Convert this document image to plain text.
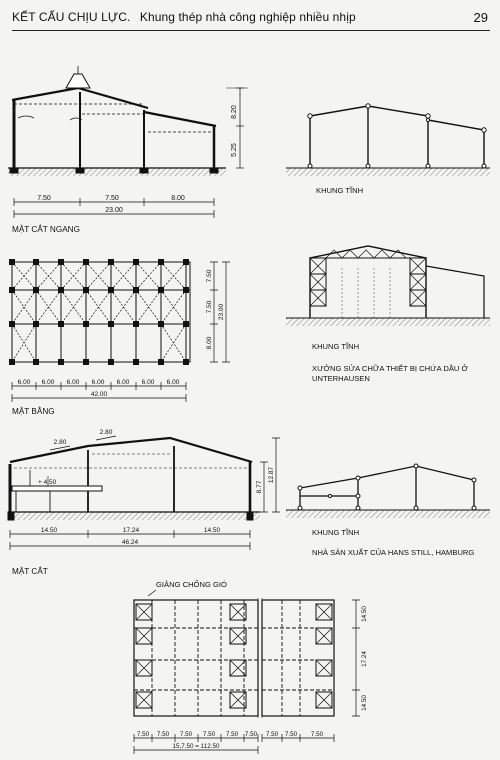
KẾT CẤU CHỊU LỰC. Khung thép nhà công nghiệp nhiều nhịp	29
7.50	7.50	8.00
23.00
5.25
8.20
6.00 6.00 6.00 6.00 6.00 6.00 6.00
42.00
7.50
7.50
8.00
23.00
2.80
2.80
+ 4.50
14.50	17.24	14.50
46.24
8.77
12.87
7.50 7.50 7.50 7.50 7.50 7.50 7.50 7.50 7.50
15,7.50 = 112.50
14.50
17.24
14.50
MẶT CẮT NGANG
KHUNG TĨNH
MẶT BẰNG
KHUNG TĨNH
XƯỞNG SỬA CHỮA THIẾT BỊ CHỨA DẦU Ở UNTERHAUSEN
MẶT CẮT
KHUNG TĨNH
NHÀ SẢN XUẤT CỦA HANS STILL, HAMBURG
GIẰNG CHỐNG GIÓ
